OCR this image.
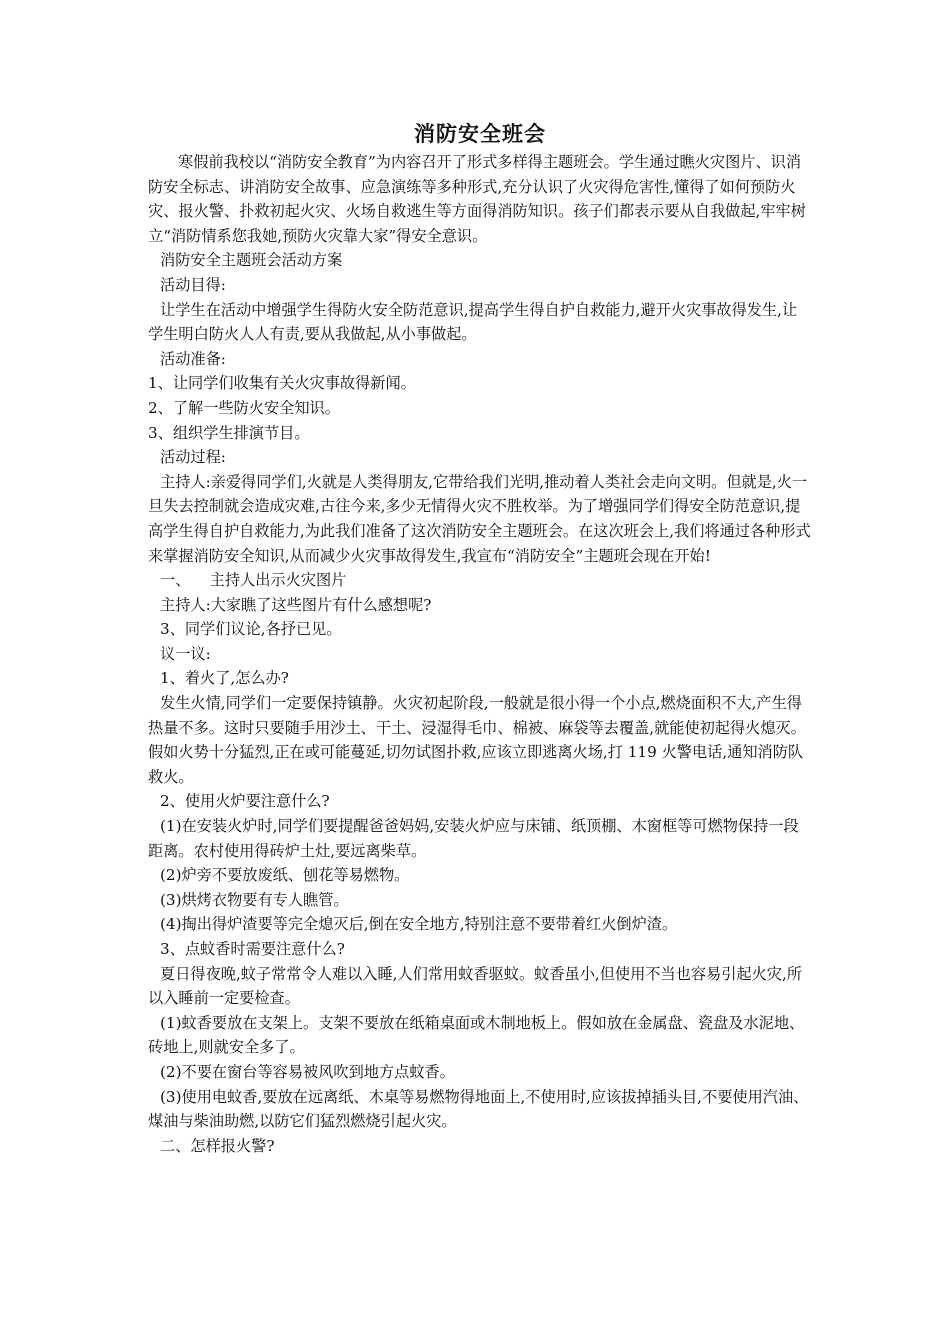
消防安全班会

寒假前我校以“消防安全教育”为内容召开了形式多样得主题班会。学生通过瞧火灾图片、识消防安全标志、讲消防安全故事、应急演练等多种形式,充分认识了火灾得危害性,懂得了如何预防火灾、报火警、扑救初起火灾、火场自救逃生等方面得消防知识。孩子们都表示要从自我做起,牢牢树立“消防情系您我她,预防火灾靠大家”得安全意识。

消防安全主题班会活动方案

活动目得:

让学生在活动中增强学生得防火安全防范意识,提高学生得自护自救能力,避开火灾事故得发生,让学生明白防火人人有责,要从我做起,从小事做起。

活动准备:

1、让同学们收集有关火灾事故得新闻。

2、了解一些防火安全知识。

3、组织学生排演节目。

活动过程:

主持人:亲爱得同学们,火就是人类得朋友,它带给我们光明,推动着人类社会走向文明。但就是,火一旦失去控制就会造成灾难,古往今来,多少无情得火灾不胜枚举。为了增强同学们得安全防范意识,提高学生得自护自救能力,为此我们准备了这次消防安全主题班会。在这次班会上,我们将通过各种形式来掌握消防安全知识,从而减少火灾事故得发生,我宣布“消防安全”主题班会现在开始!

一、    主持人出示火灾图片

主持人:大家瞧了这些图片有什么感想呢?

3、同学们议论,各抒已见。

议一议:

1、着火了,怎么办?

发生火情,同学们一定要保持镇静。火灾初起阶段,一般就是很小得一个小点,燃烧面积不大,产生得热量不多。这时只要随手用沙土、干土、浸湿得毛巾、棉被、麻袋等去覆盖,就能使初起得火熄灭。假如火势十分猛烈,正在或可能蔓延,切勿试图扑救,应该立即逃离火场,打 119 火警电话,通知消防队救火。

2、使用火炉要注意什么?

(1)在安装火炉时,同学们要提醒爸爸妈妈,安装火炉应与床铺、纸顶棚、木窗框等可燃物保持一段距离。农村使用得砖炉土灶,要远离柴草。

(2)炉旁不要放废纸、刨花等易燃物。

(3)烘烤衣物要有专人瞧管。

(4)掏出得炉渣要等完全熄灭后,倒在安全地方,特别注意不要带着红火倒炉渣。

3、点蚊香时需要注意什么?

夏日得夜晚,蚊子常常令人难以入睡,人们常用蚊香驱蚊。蚊香虽小,但使用不当也容易引起火灾,所以入睡前一定要检查。

(1)蚊香要放在支架上。支架不要放在纸箱桌面或木制地板上。假如放在金属盘、瓷盘及水泥地、砖地上,则就安全多了。

(2)不要在窗台等容易被风吹到地方点蚊香。

(3)使用电蚊香,要放在远离纸、木桌等易燃物得地面上,不使用时,应该拔掉插头目,不要使用汽油、煤油与柴油助燃,以防它们猛烈燃烧引起火灾。

二、怎样报火警?
